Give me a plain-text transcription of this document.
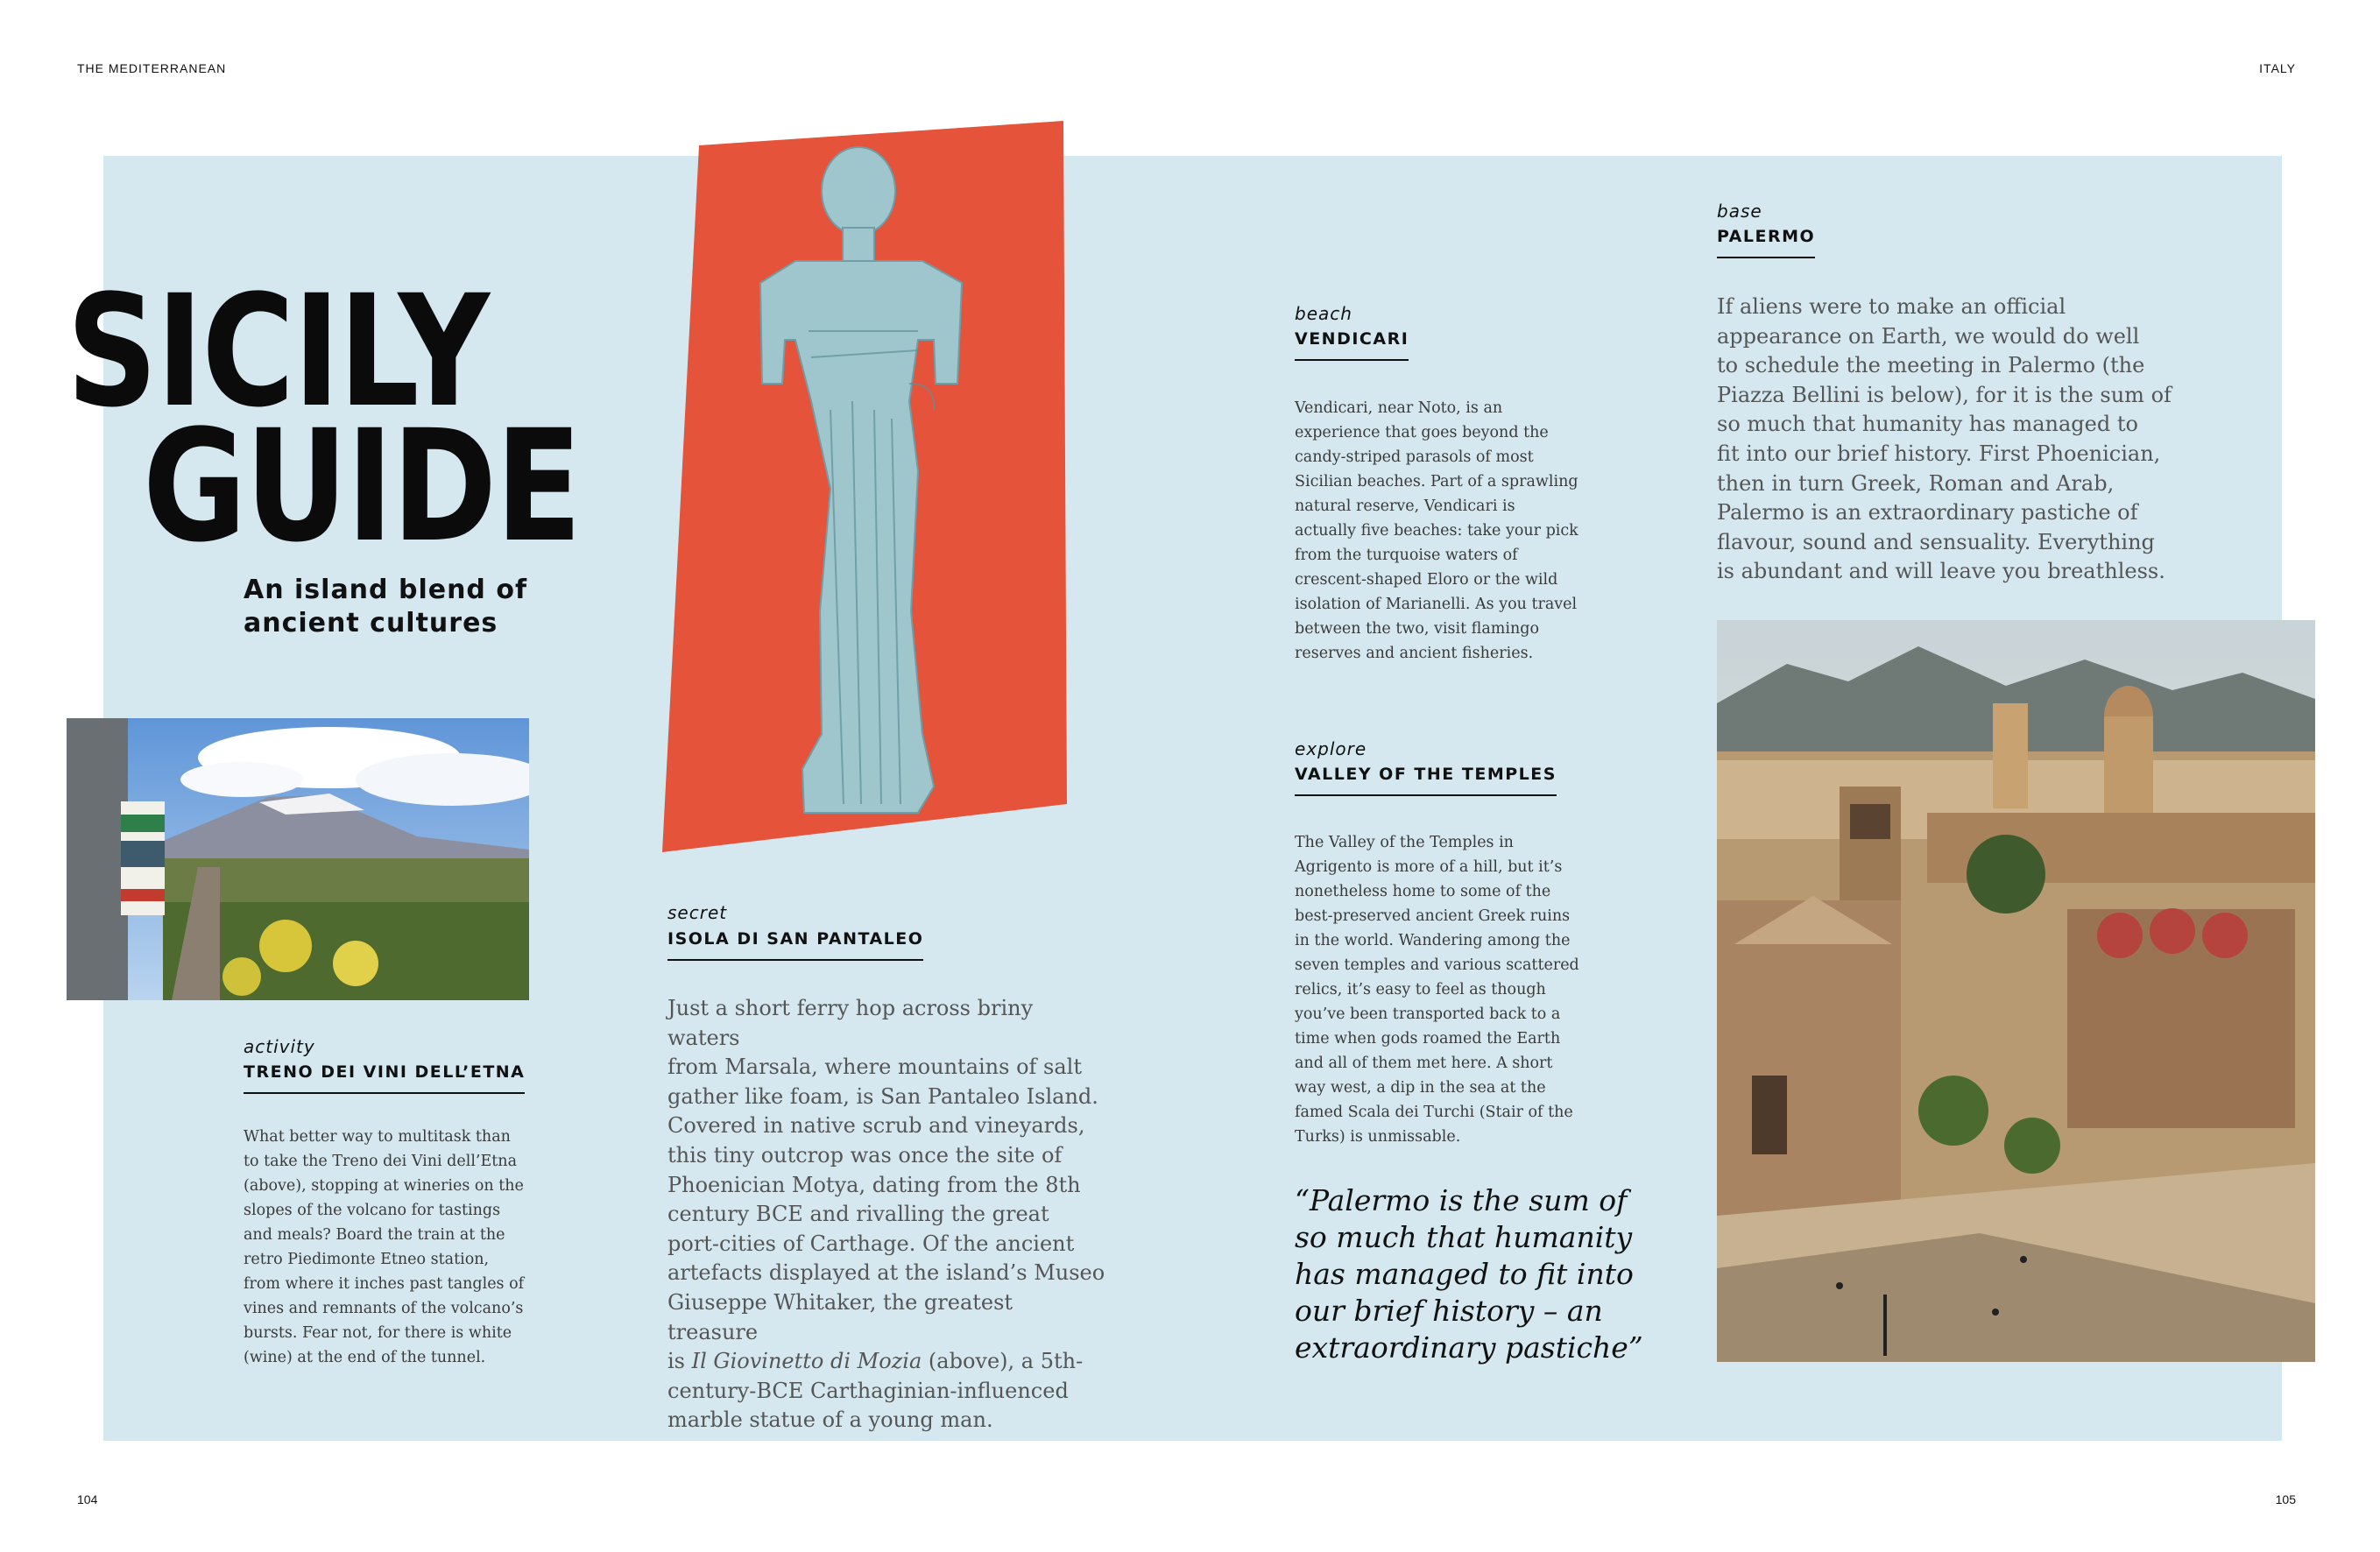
THE MEDITERRANEAN	ITALY
104	105
SICILY
GUIDE
An island blend of
ancient cultures
activity
TRENO DEI VINI DELL’ETNA
What better way to multitask than
to take the Treno dei Vini dell’Etna
(above), stopping at wineries on the
slopes of the volcano for tastings
and meals? Board the train at the
retro Piedimonte Etneo station,
from where it inches past tangles of
vines and remnants of the volcano’s
bursts. Fear not, for there is white
(wine) at the end of the tunnel.
secret
ISOLA DI SAN PANTALEO
Just a short ferry hop across briny waters
from Marsala, where mountains of salt
gather like foam, is San Pantaleo Island.
Covered in native scrub and vineyards,
this tiny outcrop was once the site of
Phoenician Motya, dating from the 8th
century BCE and rivalling the great
port-cities of Carthage. Of the ancient
artefacts displayed at the island’s Museo
Giuseppe Whitaker, the greatest treasure
is Il Giovinetto di Mozia (above), a 5th-
century-BCE Carthaginian-influenced
marble statue of a young man.
beach
VENDICARI
Vendicari, near Noto, is an
experience that goes beyond the
candy-striped parasols of most
Sicilian beaches. Part of a sprawling
natural reserve, Vendicari is
actually five beaches: take your pick
from the turquoise waters of
crescent-shaped Eloro or the wild
isolation of Marianelli. As you travel
between the two, visit flamingo
reserves and ancient fisheries.
explore
VALLEY OF THE TEMPLES
The Valley of the Temples in
Agrigento is more of a hill, but it’s
nonetheless home to some of the
best-preserved ancient Greek ruins
in the world. Wandering among the
seven temples and various scattered
relics, it’s easy to feel as though
you’ve been transported back to a
time when gods roamed the Earth
and all of them met here. A short
way west, a dip in the sea at the
famed Scala dei Turchi (Stair of the
Turks) is unmissable.
“Palermo is the sum of
so much that humanity
has managed to fit into
our brief history – an
extraordinary pastiche”
base
PALERMO
If aliens were to make an official
appearance on Earth, we would do well
to schedule the meeting in Palermo (the
Piazza Bellini is below), for it is the sum of
so much that humanity has managed to
fit into our brief history. First Phoenician,
then in turn Greek, Roman and Arab,
Palermo is an extraordinary pastiche of
flavour, sound and sensuality. Everything
is abundant and will leave you breathless.
